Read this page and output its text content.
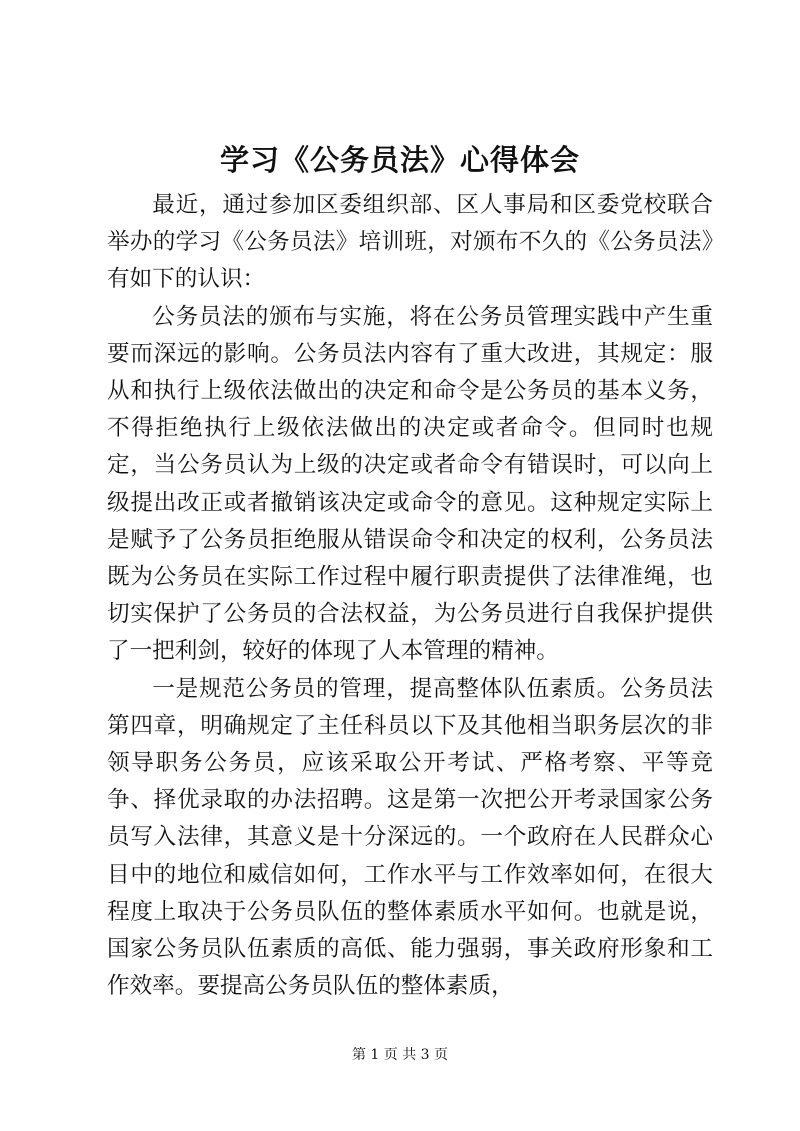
学习《公务员法》心得体会

最近，通过参加区委组织部、区人事局和区委党校联合举办的学习《公务员法》培训班，对颁布不久的《公务员法》有如下的认识：

公务员法的颁布与实施，将在公务员管理实践中产生重要而深远的影响。公务员法内容有了重大改进，其规定：服从和执行上级依法做出的决定和命令是公务员的基本义务，不得拒绝执行上级依法做出的决定或者命令。但同时也规定，当公务员认为上级的决定或者命令有错误时，可以向上级提出改正或者撤销该决定或命令的意见。这种规定实际上是赋予了公务员拒绝服从错误命令和决定的权利，公务员法既为公务员在实际工作过程中履行职责提供了法律准绳，也切实保护了公务员的合法权益，为公务员进行自我保护提供了一把利剑，较好的体现了人本管理的精神。

一是规范公务员的管理，提高整体队伍素质。公务员法第四章，明确规定了主任科员以下及其他相当职务层次的非领导职务公务员，应该采取公开考试、严格考察、平等竞争、择优录取的办法招聘。这是第一次把公开考录国家公务员写入法律，其意义是十分深远的。一个政府在人民群众心目中的地位和威信如何，工作水平与工作效率如何，在很大程度上取决于公务员队伍的整体素质水平如何。也就是说，国家公务员队伍素质的高低、能力强弱，事关政府形象和工作效率。要提高公务员队伍的整体素质，

第 1 页 共 3 页
